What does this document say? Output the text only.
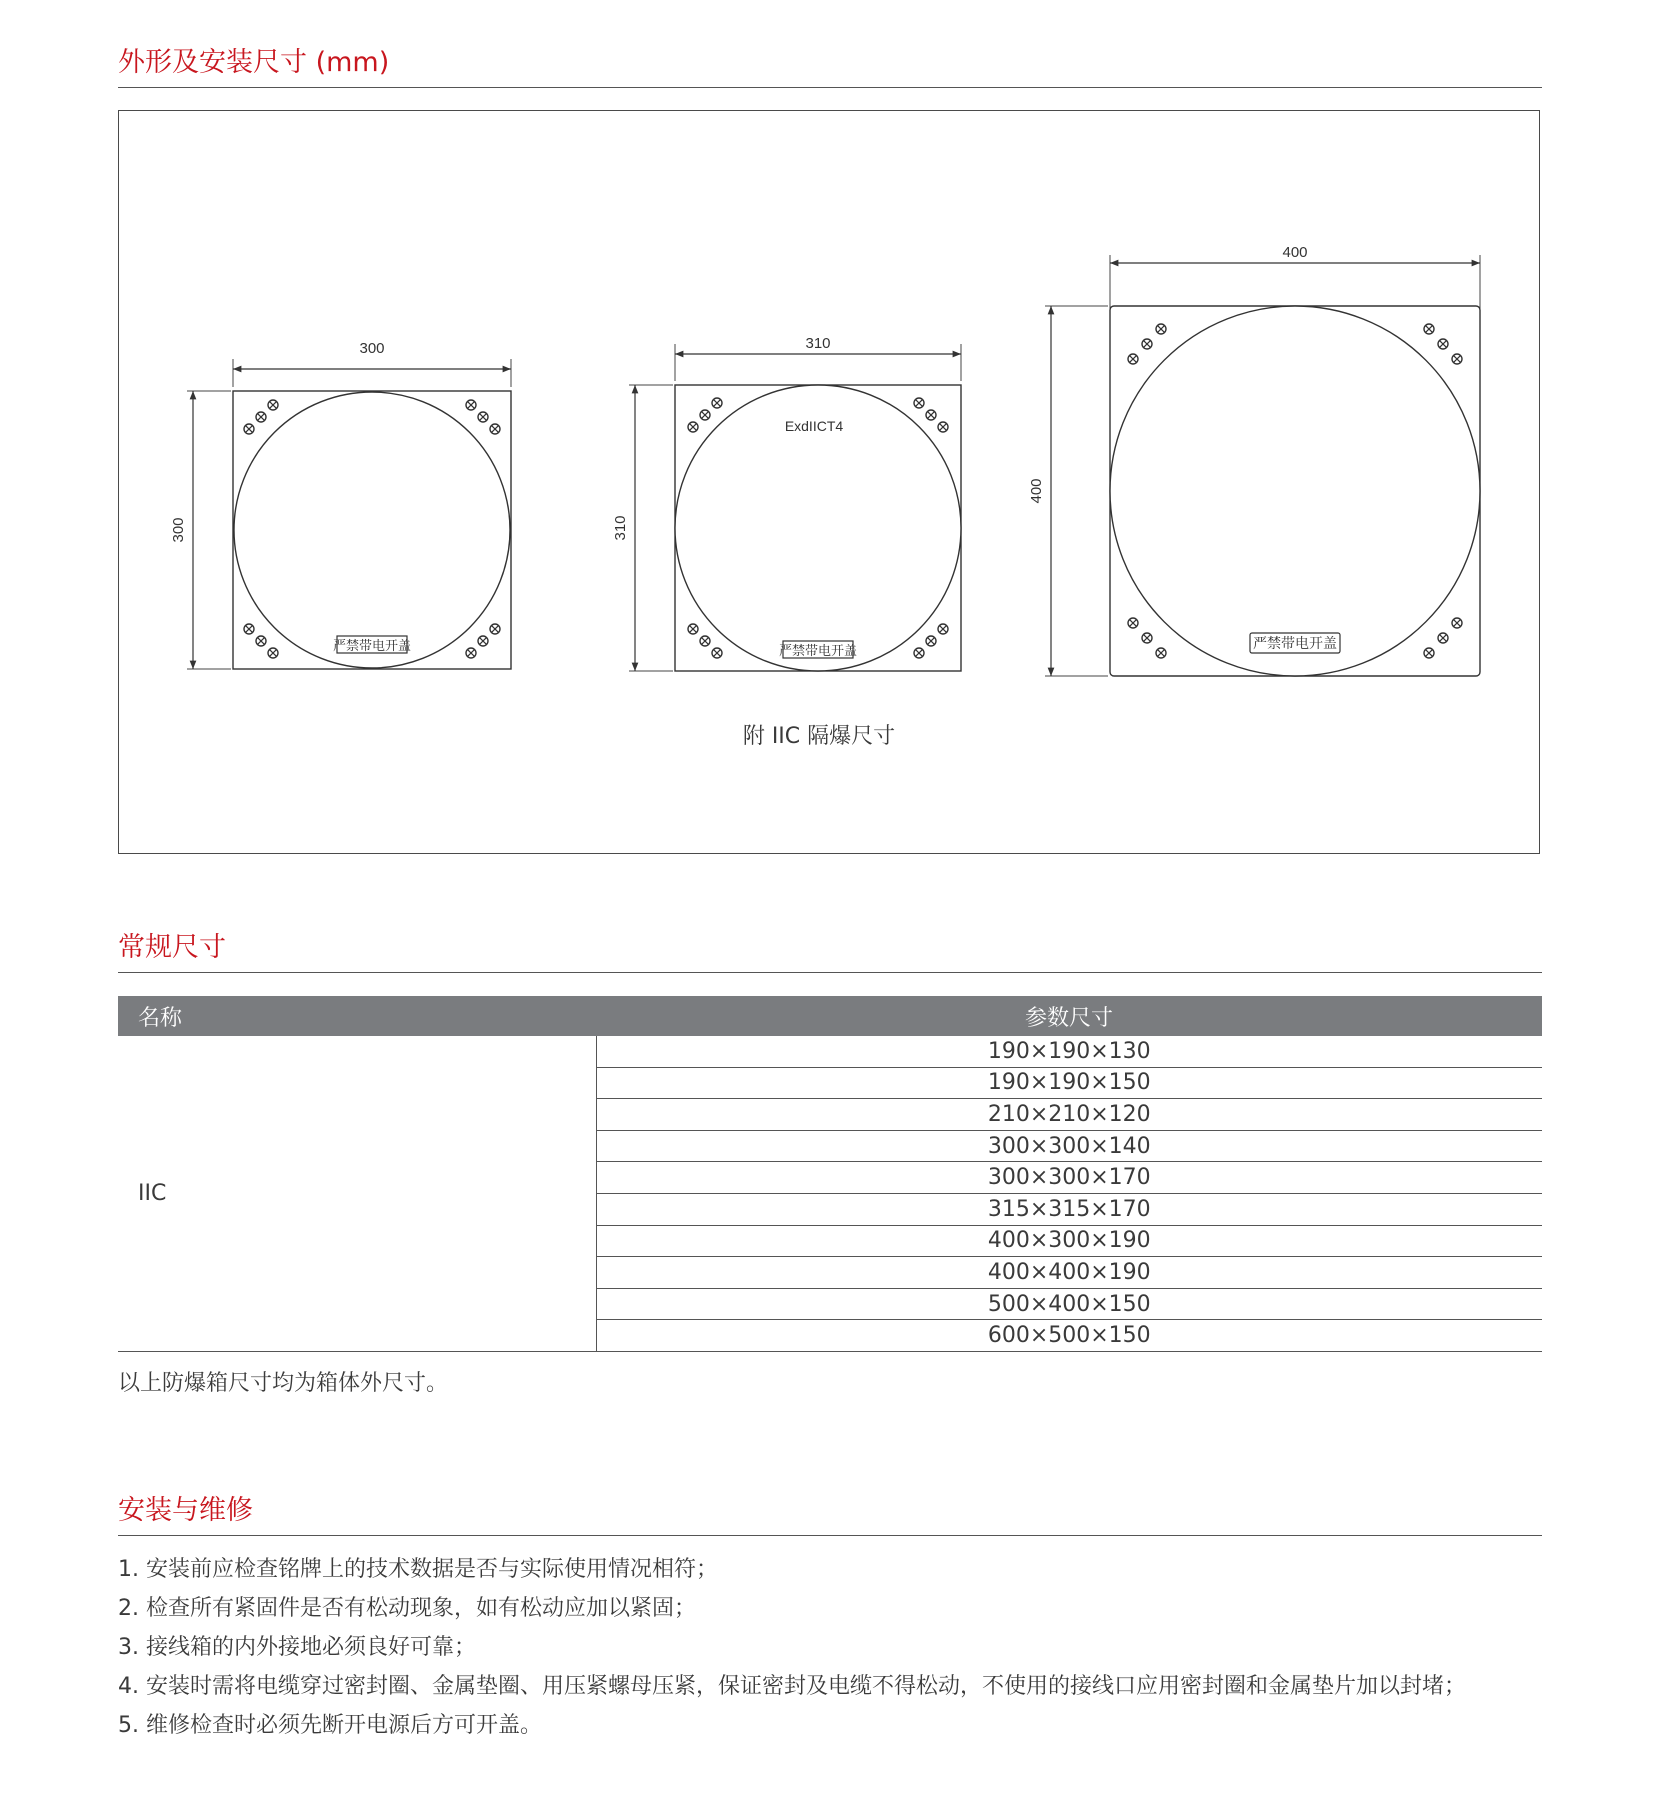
外形及安装尺寸 (mm)
300
300
严禁带电开盖
310
310
ExdIICT4
严禁带电开盖
400
400
严禁带电开盖
附 IIC 隔爆尺寸
常规尺寸
名称	参数尺寸
IIC	190×190×130
	190×190×150
	210×210×120
	300×300×140
	300×300×170
	315×315×170
	400×300×190
	400×400×190
	500×400×150
	600×500×150

以上防爆箱尺寸均为箱体外尺寸。

安装与维修
1. 安装前应检查铭牌上的技术数据是否与实际使用情况相符；
2. 检查所有紧固件是否有松动现象，如有松动应加以紧固；
3. 接线箱的内外接地必须良好可靠；
4. 安装时需将电缆穿过密封圈、金属垫圈、用压紧螺母压紧，保证密封及电缆不得松动，不使用的接线口应用密封圈和金属垫片加以封堵；
5. 维修检查时必须先断开电源后方可开盖。
